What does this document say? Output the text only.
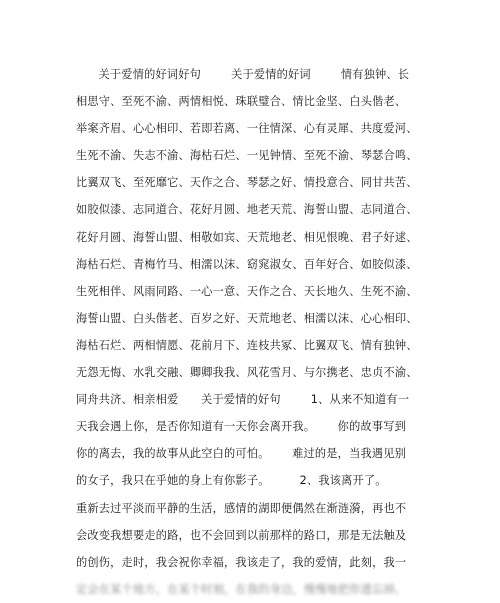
关于爱情的好词好句        关于爱情的好词        情有独钟、长
相思守、至死不渝、两情相悦、珠联璧合、情比金坚、白头偕老、
举案齐眉、心心相印、若即若离、一往情深、心有灵犀、共度爱河、
生死不渝、失志不渝、海枯石烂、一见钟情、至死不渝、琴瑟合鸣、
比翼双飞、至死靡它、天作之合、琴瑟之好、情投意合、同甘共苦、
如胶似漆、志同道合、花好月圆、地老天荒、海誓山盟、志同道合、
花好月圆、海誓山盟、相敬如宾、天荒地老、相见恨晚、君子好逑、
海枯石烂、青梅竹马、相濡以沫、窈窕淑女、百年好合、如胶似漆、
生死相伴、风雨同路、一心一意、天作之合、天长地久、生死不渝、
海誓山盟、白头偕老、百岁之好、天荒地老、相濡以沫、心心相印、
海枯石烂、两相情愿、花前月下、连枝共冢、比翼双飞、情有独钟、
无怨无悔、水乳交融、卿卿我我、风花雪月、与尔携老、忠贞不渝、
同舟共济、相亲相爱      关于爱情的好句        1、从来不知道有一
天我会遇上你，是否你知道有一天你会离开我。      你的故事写到
你的离去，我的故事从此空白的可怕。      难过的是，当我遇见别
的女子，我只在乎她的身上有你影子。        2、我该离开了。
重新去过平淡而平静的生活，感情的湖即便偶然在渐涟漪，再也不
会改变我想要走的路，也不会回到以前那样的路口，那是无法触及
的创伤，走时，我会祝你幸福，我该走了，我的爱情，此刻，我一
定会在某个地方，在某个时刻，在我的身边，慢慢地把你遗忘掉。
